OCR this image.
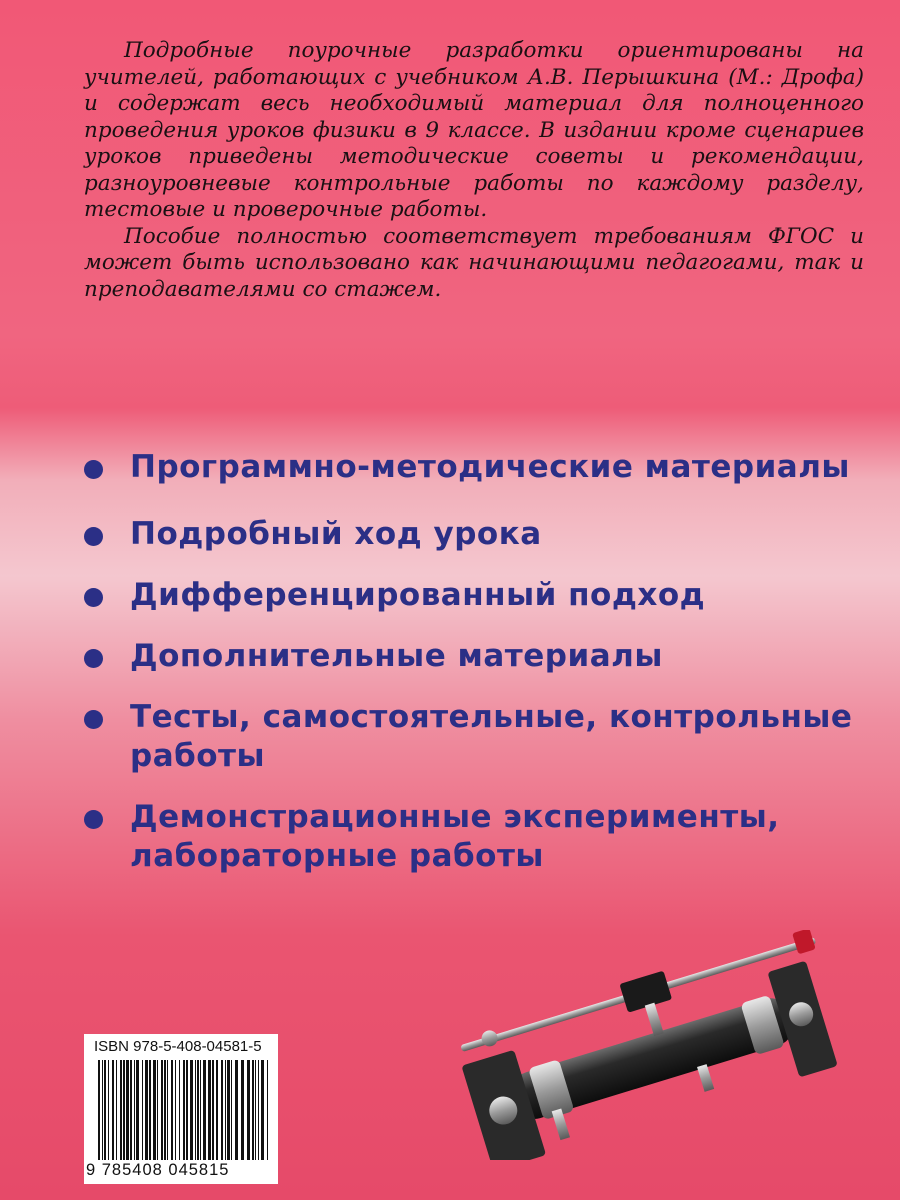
Подробные поурочные разработки ориентированы на учителей, работающих с учебником А.В. Перышкина (М.: Дрофа) и содержат весь необходимый материал для полноценного проведения уроков физики в 9 классе. В издании кроме сценариев уроков приведены методические советы и рекомендации, разноуровневые контрольные работы по каждому разделу, тестовые и проверочные работы.

Пособие полностью соответствует требованиям ФГОС и может быть использовано как начинающими педагогами, так и преподавателями со стажем.

Программно-методические материалы
Подробный ход урока
Дифференцированный подход
Дополнительные материалы
Тесты, самостоятельные, контрольные работы
Демонстрационные эксперименты, лабораторные работы
ISBN 978-5-408-04581-5
9 785408 045815
